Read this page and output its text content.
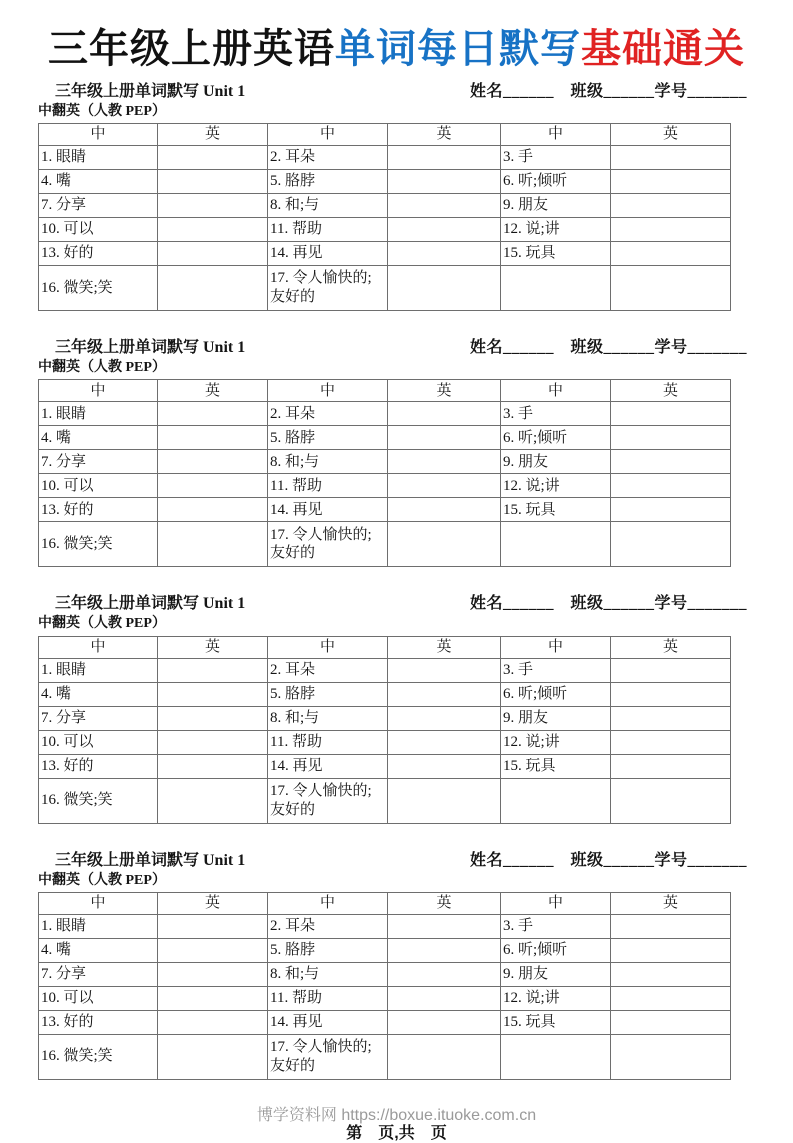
三年级上册英语单词每日默写基础通关
三年级上册单词默写 Unit 1	姓名______　班级______学号_______
中翻英（人教 PEP）
中	英	中	英	中	英
1. 眼睛		2. 耳朵		3. 手	
4. 嘴		5. 胳脖		6. 听;倾听	
7. 分享		8. 和;与		9. 朋友	
10. 可以		11. 帮助		12. 说;讲	
13. 好的		14. 再见		15. 玩具	
16. 微笑;笑		17. 令人愉快的;友好的			
三年级上册单词默写 Unit 1	姓名______　班级______学号_______
中翻英（人教 PEP）
中	英	中	英	中	英
1. 眼睛		2. 耳朵		3. 手	
4. 嘴		5. 胳脖		6. 听;倾听	
7. 分享		8. 和;与		9. 朋友	
10. 可以		11. 帮助		12. 说;讲	
13. 好的		14. 再见		15. 玩具	
16. 微笑;笑		17. 令人愉快的;友好的			
三年级上册单词默写 Unit 1	姓名______　班级______学号_______
中翻英（人教 PEP）
中	英	中	英	中	英
1. 眼睛		2. 耳朵		3. 手	
4. 嘴		5. 胳脖		6. 听;倾听	
7. 分享		8. 和;与		9. 朋友	
10. 可以		11. 帮助		12. 说;讲	
13. 好的		14. 再见		15. 玩具	
16. 微笑;笑		17. 令人愉快的;友好的			
三年级上册单词默写 Unit 1	姓名______　班级______学号_______
中翻英（人教 PEP）
中	英	中	英	中	英
1. 眼睛		2. 耳朵		3. 手	
4. 嘴		5. 胳脖		6. 听;倾听	
7. 分享		8. 和;与		9. 朋友	
10. 可以		11. 帮助		12. 说;讲	
13. 好的		14. 再见		15. 玩具	
16. 微笑;笑		17. 令人愉快的;友好的			
博学资料网 https://boxue.ituoke.com.cn
第　页,共　页
